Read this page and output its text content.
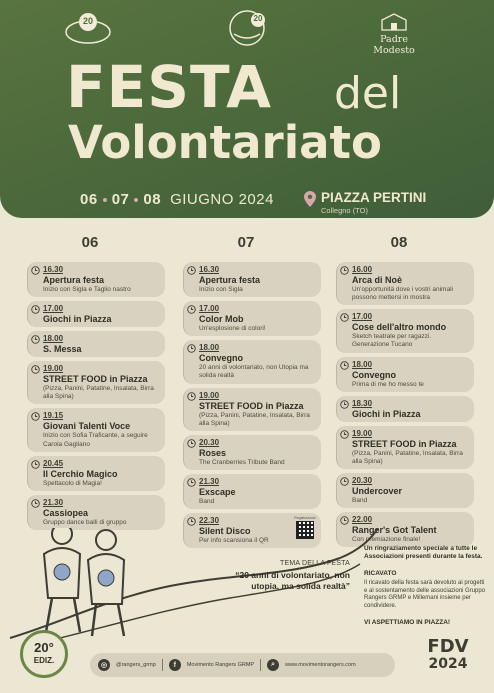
20	20
Padre Modesto
FESTA del
Volontariato
06 07 08 GIUGNO 2024	PIAZZA PERTINI
Collegno (TO)
06	07	08
16.30
Apertura festa
Inizio con Sigla e Taglio nastro
17.00
Giochi in Piazza
18.00
S. Messa
19.00
STREET FOOD in Piazza
(Pizza, Panini, Patatine, Insalata, Birra alla Spina)
19.15
Giovani Talenti Voce
Inizio con Sofia Traficante, a seguire Carola Gagliano
20.45
Il Cerchio Magico
Spettacolo di Magia!
21.30
Cassiopea
Gruppo dance balli di gruppo
16.30
Apertura festa
Inizio con Sigla
17.00
Color Mob
Un'esplosione di colori!
18.00
Convegno
20 anni di volontariato, non Utopia ma solida realtà
19.00
STREET FOOD in Piazza
(Pizza, Panini, Patatine, Insalata, Birra alla Spina)
20.30
Roses
The Cranberries Tribute Band
21.30
Exscape
Band
22.30
Silent Disco
Per info scansiona il QR
Registrazione
16.00
Arca di Noè
Un'opportunità dove i vostri animali possono mettersi in mostra
17.00
Cose dell'altro mondo
Sketch teatrale per ragazzi. Generazione Tucano
18.00
Convegno
Prima di me ho messo te
18.30
Giochi in Piazza
19.00
STREET FOOD in Piazza
(Pizza, Panini, Patatine, Insalata, Birra alla Spina)
20.30
Undercover
Band
22.00
Ranger's Got Talent
Con premiazione finale!
TEMA DELLA FESTA
“20 anni di volontariato, non utopia, ma solida realtà”
Un ringraziamento speciale a tutte le Associazioni presenti durante la festa.
RICAVATO
Il ricavato della festa sarà devoluto ai progetti e al sostentamento delle associazioni Gruppo Rangers GRMP e Millemani insieme per condividere.
VI ASPETTIAMO IN PIAZZA!
20°
EDIZ.
◎	@rangers_grmp	f	Movimento Rangers GRMP	⌕	www.movimentorangers.com
FDV
2024
